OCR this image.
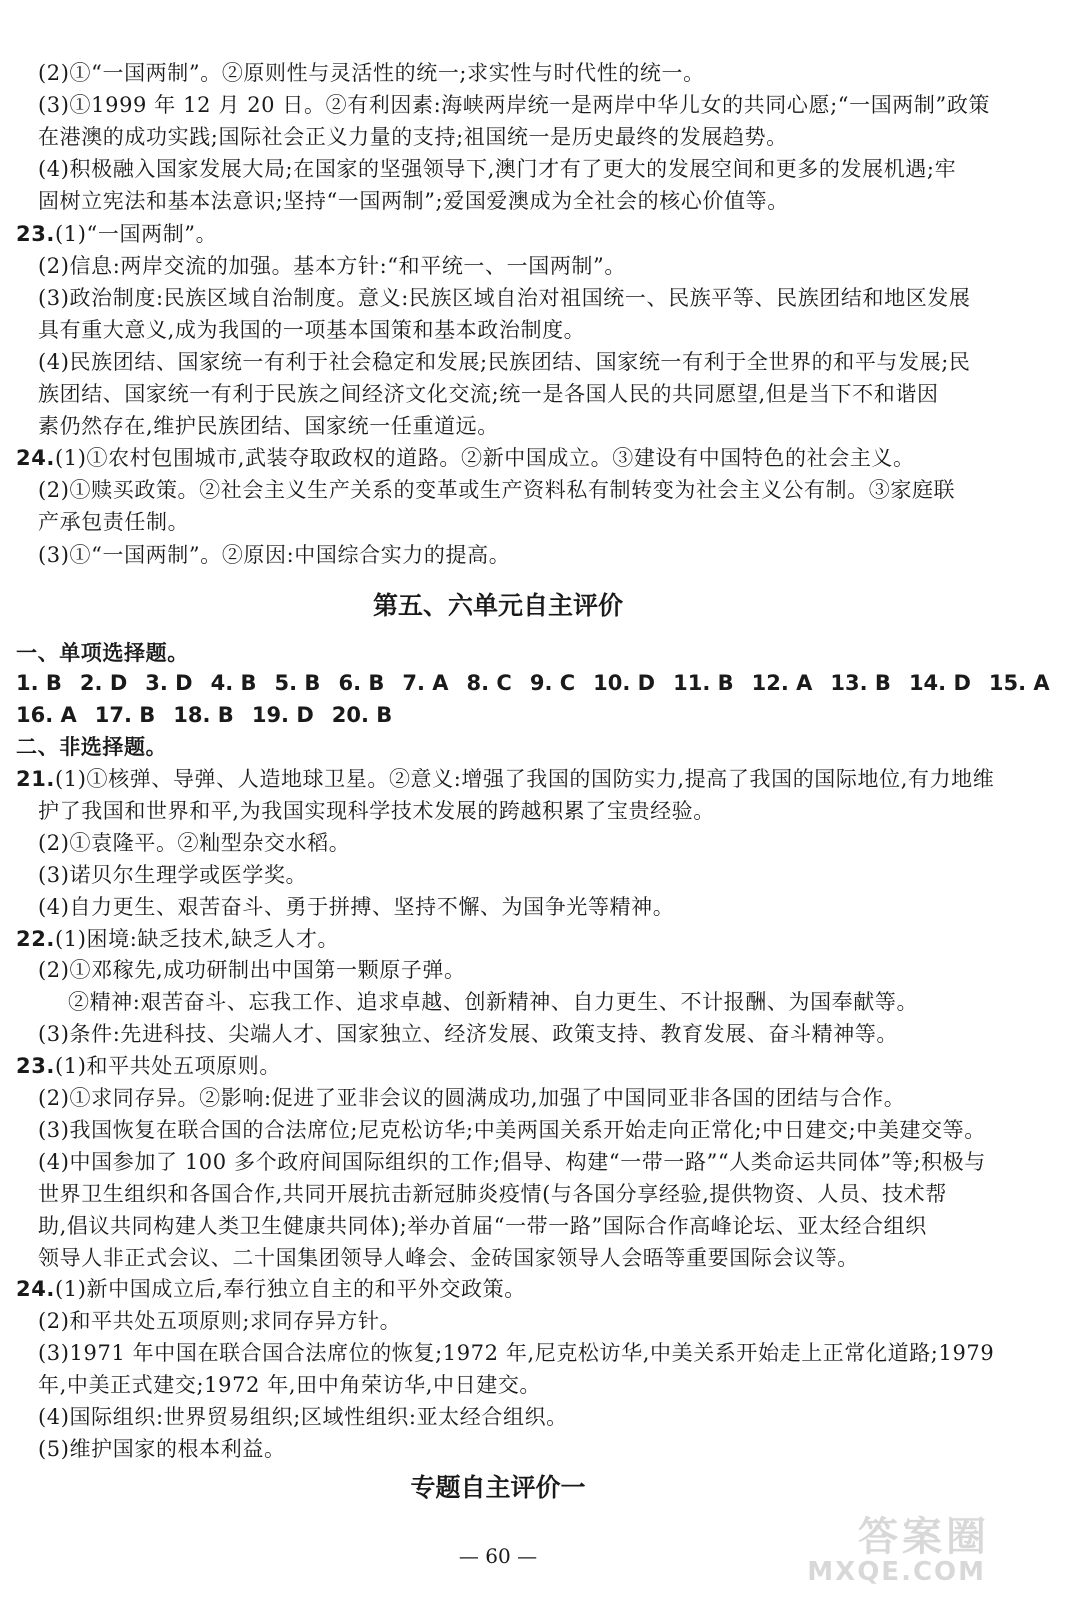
(2)①“一国两制”。②原则性与灵活性的统一;求实性与时代性的统一。
(3)①1999 年 12 月 20 日。②有利因素:海峡两岸统一是两岸中华儿女的共同心愿;“一国两制”政策
在港澳的成功实践;国际社会正义力量的支持;祖国统一是历史最终的发展趋势。
(4)积极融入国家发展大局;在国家的坚强领导下,澳门才有了更大的发展空间和更多的发展机遇;牢
固树立宪法和基本法意识;坚持“一国两制”;爱国爱澳成为全社会的核心价值等。
23.(1)“一国两制”。
(2)信息:两岸交流的加强。基本方针:“和平统一、一国两制”。
(3)政治制度:民族区域自治制度。意义:民族区域自治对祖国统一、民族平等、民族团结和地区发展
具有重大意义,成为我国的一项基本国策和基本政治制度。
(4)民族团结、国家统一有利于社会稳定和发展;民族团结、国家统一有利于全世界的和平与发展;民
族团结、国家统一有利于民族之间经济文化交流;统一是各国人民的共同愿望,但是当下不和谐因
素仍然存在,维护民族团结、国家统一任重道远。
24.(1)①农村包围城市,武装夺取政权的道路。②新中国成立。③建设有中国特色的社会主义。
(2)①赎买政策。②社会主义生产关系的变革或生产资料私有制转变为社会主义公有制。③家庭联
产承包责任制。
(3)①“一国两制”。②原因:中国综合实力的提高。
第五、六单元自主评价
一、单项选择题。
1. B 2. D 3. D 4. B 5. B 6. B 7. A 8. C 9. C 10. D 11. B 12. A 13. B 14. D 15. A
16. A 17. B 18. B 19. D 20. B
二、非选择题。
21.(1)①核弹、导弹、人造地球卫星。②意义:增强了我国的国防实力,提高了我国的国际地位,有力地维
护了我国和世界和平,为我国实现科学技术发展的跨越积累了宝贵经验。
(2)①袁隆平。②籼型杂交水稻。
(3)诺贝尔生理学或医学奖。
(4)自力更生、艰苦奋斗、勇于拼搏、坚持不懈、为国争光等精神。
22.(1)困境:缺乏技术,缺乏人才。
(2)①邓稼先,成功研制出中国第一颗原子弹。
②精神:艰苦奋斗、忘我工作、追求卓越、创新精神、自力更生、不计报酬、为国奉献等。
(3)条件:先进科技、尖端人才、国家独立、经济发展、政策支持、教育发展、奋斗精神等。
23.(1)和平共处五项原则。
(2)①求同存异。②影响:促进了亚非会议的圆满成功,加强了中国同亚非各国的团结与合作。
(3)我国恢复在联合国的合法席位;尼克松访华;中美两国关系开始走向正常化;中日建交;中美建交等。
(4)中国参加了 100 多个政府间国际组织的工作;倡导、构建“一带一路”“人类命运共同体”等;积极与
世界卫生组织和各国合作,共同开展抗击新冠肺炎疫情(与各国分享经验,提供物资、人员、技术帮
助,倡议共同构建人类卫生健康共同体);举办首届“一带一路”国际合作高峰论坛、亚太经合组织
领导人非正式会议、二十国集团领导人峰会、金砖国家领导人会晤等重要国际会议等。
24.(1)新中国成立后,奉行独立自主的和平外交政策。
(2)和平共处五项原则;求同存异方针。
(3)1971 年中国在联合国合法席位的恢复;1972 年,尼克松访华,中美关系开始走上正常化道路;1979
年,中美正式建交;1972 年,田中角荣访华,中日建交。
(4)国际组织:世界贸易组织;区域性组织:亚太经合组织。
(5)维护国家的根本利益。
专题自主评价一
— 60 —	答案圈
MXQE.COM
